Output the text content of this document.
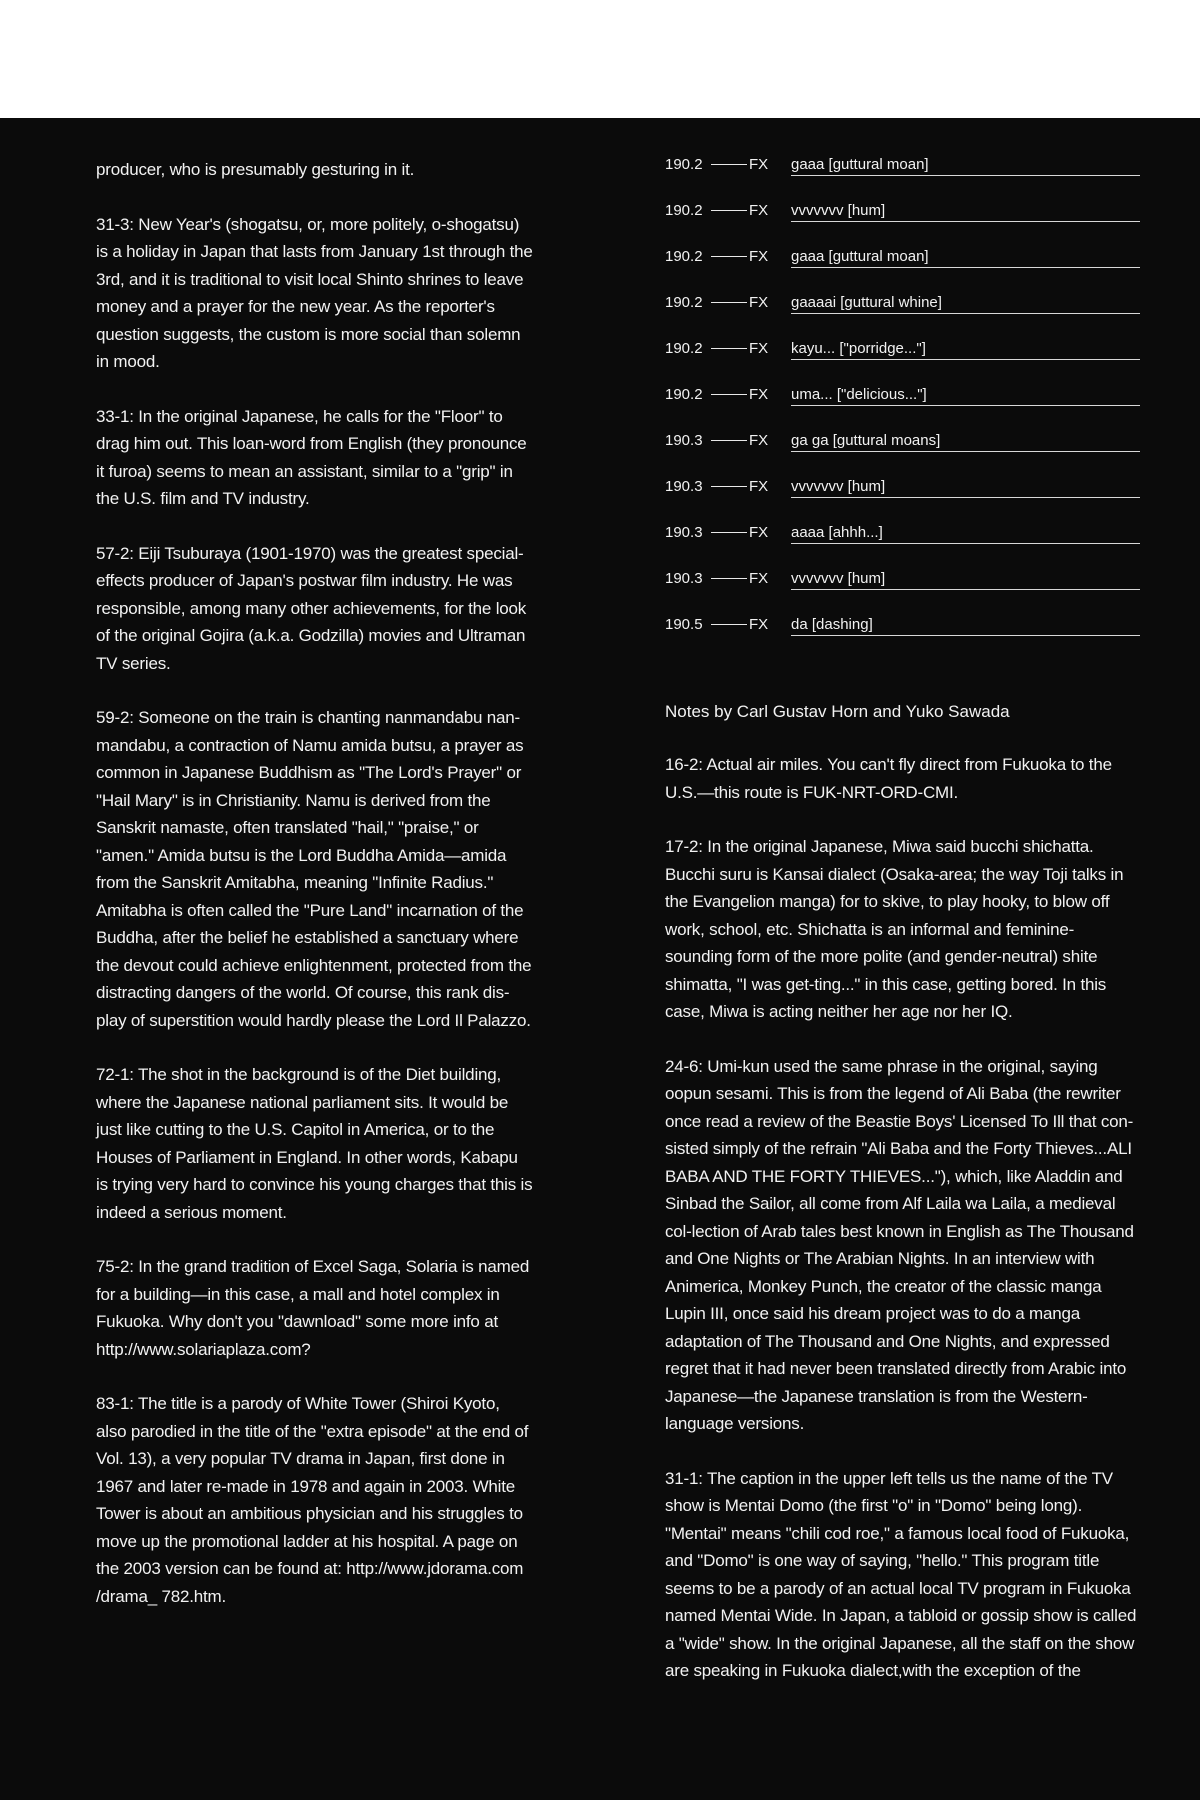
producer, who is presumably gesturing in it.

31-3: New Year's (shogatsu, or, more politely, o-shogatsu) is a holiday in Japan that lasts from January 1st through the 3rd, and it is traditional to visit local Shinto shrines to leave money and a prayer for the new year. As the reporter's question suggests, the custom is more social than solemn in mood.

33-1: In the original Japanese, he calls for the "Floor" to drag him out. This loan-word from English (they pronounce it furoa) seems to mean an assistant, similar to a "grip" in the U.S. film and TV industry.

57-2: Eiji Tsuburaya (1901-1970) was the greatest special-effects producer of Japan's postwar film industry. He was responsible, among many other achievements, for the look of the original Gojira (a.k.a. Godzilla) movies and Ultraman TV series.

59-2: Someone on the train is chanting nanmandabu nan-mandabu, a contraction of Namu amida butsu, a prayer as common in Japanese Buddhism as "The Lord's Prayer" or "Hail Mary" is in Christianity. Namu is derived from the Sanskrit namaste, often translated "hail," "praise," or "amen." Amida butsu is the Lord Buddha Amida—amida from the Sanskrit Amitabha, meaning "Infinite Radius." Amitabha is often called the "Pure Land" incarnation of the Buddha, after the belief he established a sanctuary where the devout could achieve enlightenment, protected from the distracting dangers of the world. Of course, this rank dis-play of superstition would hardly please the Lord Il Palazzo.

72-1: The shot in the background is of the Diet building, where the Japanese national parliament sits. It would be just like cutting to the U.S. Capitol in America, or to the Houses of Parliament in England. In other words, Kabapu is trying very hard to convince his young charges that this is indeed a serious moment.

75-2: In the grand tradition of Excel Saga, Solaria is named for a building—in this case, a mall and hotel complex in Fukuoka. Why don't you "dawnload" some more info at http://www.solariaplaza.com?

83-1: The title is a parody of White Tower (Shiroi Kyoto, also parodied in the title of the "extra episode" at the end of Vol. 13), a very popular TV drama in Japan, first done in 1967 and later re-made in 1978 and again in 2003. White Tower is about an ambitious physician and his struggles to move up the promotional ladder at his hospital. A page on the 2003 version can be found at: http://www.jdorama.com /drama_ 782.htm.

190.2	FX	gaaa [guttural moan]
190.2	FX	vvvvvvv [hum]
190.2	FX	gaaa [guttural moan]
190.2	FX	gaaaai [guttural whine]
190.2	FX	kayu... ["porridge..."]
190.2	FX	uma... ["delicious..."]
190.3	FX	ga ga [guttural moans]
190.3	FX	vvvvvvv [hum]
190.3	FX	aaaa [ahhh...]
190.3	FX	vvvvvvv [hum]
190.5	FX	da [dashing]

Notes by Carl Gustav Horn and Yuko Sawada

16-2: Actual air miles. You can't fly direct from Fukuoka to the U.S.—this route is FUK-NRT-ORD-CMI.

17-2: In the original Japanese, Miwa said bucchi shichatta. Bucchi suru is Kansai dialect (Osaka-area; the way Toji talks in the Evangelion manga) for to skive, to play hooky, to blow off work, school, etc. Shichatta is an informal and feminine-sounding form of the more polite (and gender-neutral) shite shimatta, "I was get-ting..." in this case, getting bored. In this case, Miwa is acting neither her age nor her IQ.

24-6: Umi-kun used the same phrase in the original, saying oopun sesami. This is from the legend of Ali Baba (the rewriter once read a review of the Beastie Boys' Licensed To Ill that con-sisted simply of the refrain "Ali Baba and the Forty Thieves...ALI BABA AND THE FORTY THIEVES..."), which, like Aladdin and Sinbad the Sailor, all come from Alf Laila wa Laila, a medieval col-lection of Arab tales best known in English as The Thousand and One Nights or The Arabian Nights. In an interview with Animerica, Monkey Punch, the creator of the classic manga Lupin III, once said his dream project was to do a manga adaptation of The Thousand and One Nights, and expressed regret that it had never been translated directly from Arabic into Japanese—the Japanese translation is from the Western-language versions.

31-1: The caption in the upper left tells us the name of the TV show is Mentai Domo (the first "o" in "Domo" being long). "Mentai" means "chili cod roe," a famous local food of Fukuoka, and "Domo" is one way of saying, "hello." This program title seems to be a parody of an actual local TV program in Fukuoka named Mentai Wide. In Japan, a tabloid or gossip show is called a "wide" show. In the original Japanese, all the staff on the show are speaking in Fukuoka dialect,with the exception of the
